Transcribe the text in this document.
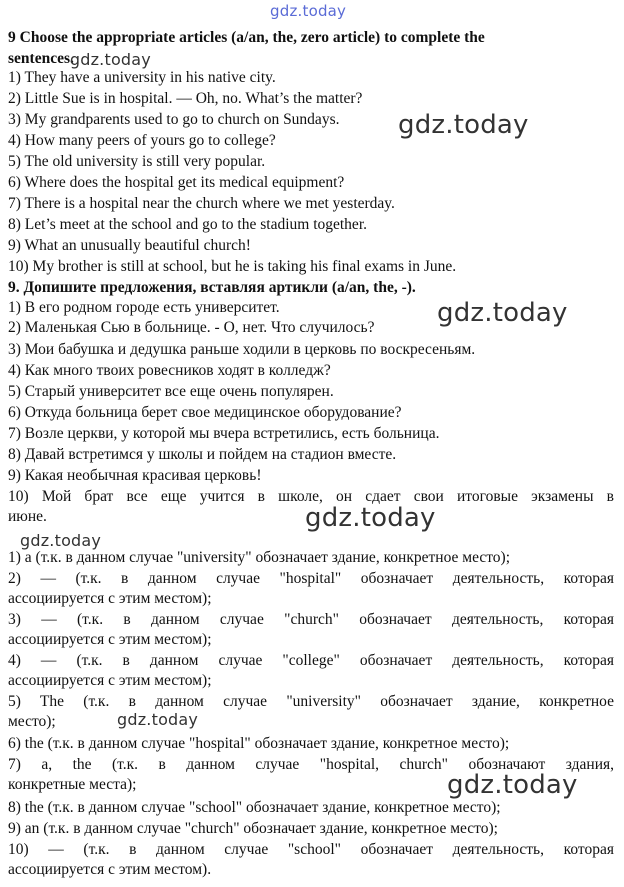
gdz.today
9 Choose the appropriate articles (a/an, the, zero article) to complete the
sentences.gdz.today
1) They have a university in his native city.
2) Little Sue is in hospital. — Oh, no. What’s the matter?
3) My grandparents used to go to church on Sundays.
4) How many peers of yours go to college?
5) The old university is still very popular.
6) Where does the hospital get its medical equipment?
7) There is a hospital near the church where we met yesterday.
8) Let’s meet at the school and go to the stadium together.
9) What an unusually beautiful church!
10) My brother is still at school, but he is taking his final exams in June.
gdz.today
9. Допишите предложения, вставляя артикли (a/an, the, -).
1) В его родном городе есть университет.
2) Маленькая Сью в больнице. - О, нет. Что случилось?
3) Мои бабушка и дедушка раньше ходили в церковь по воскресеньям.
4) Как много твоих ровесников ходят в колледж?
5) Старый университет все еще очень популярен.
6) Откуда больница берет свое медицинское оборудование?
7) Возле церкви, у которой мы вчера встретились, есть больница.
8) Давай встретимся у школы и пойдем на стадион вместе.
9) Какая необычная красивая церковь!
10) Мой брат все еще учится в школе, он сдает свои итоговые экзамены в
июне.
gdz.today
gdz.today
gdz.today
1) a (т.к. в данном случае "university" обозначает здание, конкретное место);
2) — (т.к. в данном случае "hospital" обозначает деятельность, которая
ассоциируется с этим местом);
3) — (т.к. в данном случае "church" обозначает деятельность, которая
ассоциируется с этим местом);
4) — (т.к. в данном случае "college" обозначает деятельность, которая
ассоциируется с этим местом);
5) The (т.к. в данном случае "university" обозначает здание, конкретное
место);
6) the (т.к. в данном случае "hospital" обозначает здание, конкретное место);
7) a, the (т.к. в данном случае "hospital, church" обозначают здания,
конкретные места);
8) the (т.к. в данном случае "school" обозначает здание, конкретное место);
9) an (т.к. в данном случае "church" обозначает здание, конкретное место);
10) — (т.к. в данном случае "school" обозначает деятельность, которая
ассоциируется с этим местом).
gdz.today
gdz.today
